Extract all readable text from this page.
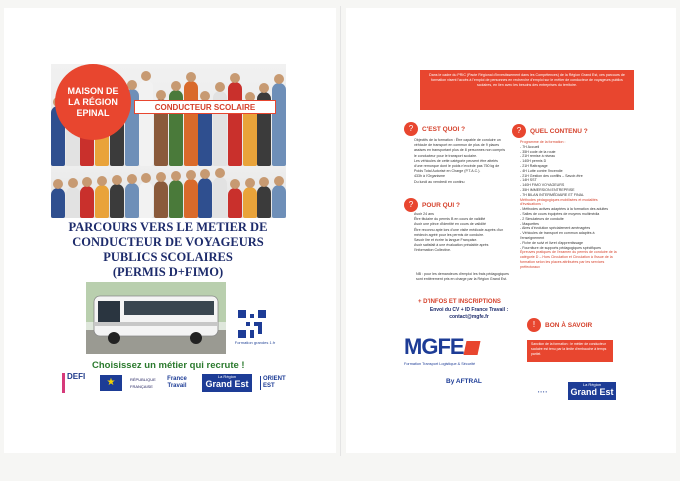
MAISON DE LA RÉGION EPINAL	CONDUCTEUR SCOLAIRE
PARCOURS VERS LE METIER DE
CONDUCTEUR DE VOYAGEURS
PUBLICS SCOLAIRES
(PERMIS D+FIMO)
Formation grandes 1.fr
Choisissez un métier qui recrute !
DEFI
★	RÉPUBLIQUE FRANÇAISE
France Travail
La Région
Grand Est	ORIENT EST
Dans le cadre du PRIC (Pacte Régional d'Investissement dans les Compétences) de la Région Grand Est, ces parcours de formation visent l'accès à l'emploi de personnes en recherche d'emploi sur le métier de conducteur de voyageurs publics scolaires, en lien avec les besoins des entreprises du territoire.
?	C'EST QUOI ?

Objectifs de la formation : Être capable de conduire un véhicule de transport en commun de plus de 9 places assises en transportant plus de 8 personnes non compris le conducteur pour le transport scolaire.

Les véhicules de cette catégorie peuvent être attelés d'une remorque dont le poids n'excède pas 750 kg de Poids Total Autorisé en Charge (P.T.A.C.).

433h à l'Organisme

Du lundi au vendredi en continu

?	POUR QUI ?

Avoir 24 ans

Être titulaire du permis B en cours de validité

Avoir une pièce d'identité en cours de validité

Être reconnu apte lors d'une visite médicale auprès d'un médecin agréé pour les permis de conduire.

Savoir lire et écrire la langue Française.

Avoir satisfait à une évaluation préalable après l'Information Collective.

NB : pour les demandeurs d'emploi les frais pédagogiques sont entièrement pris en charge par la Région Grand Est.
?	QUEL CONTENU ?

Programme de la formation :

- 7H Accueil

- 35H code de la route

- 21H remise à niveau

- 140H permis D

- 21H Rattrapage

- 4H Lutte contre l'incendie

- 21H Gestion des conflits – Savoir-être

- 14H SST

- 140H FIMO VOYAGEURS

- 35H IMMERSION ENTREPRISE

- 7H BILAN INTERMÉDIAIRE ET FINAL

Méthodes pédagogiques mobilisées et modalités d'évaluations :

- Méthodes actives adaptées à la formation des adultes

- Salles de cours équipées de moyens multimédia

- 2 Simulateurs de conduite

- Maquettes

- Aires d'évolution spécialement aménagées

- Véhicules de transport en commun adaptés à l'enseignement

- Fiche de suivi et livret d'apprentissage

- Fourniture de supports pédagogiques spécifiques

Épreuves pratiques de l'examen du permis de conduire de la catégorie D – Hors Circulation et Circulation à l'issue de la formation selon les places attribuées par les services préfectoraux

+ D'INFOS ET INSCRIPTIONS
Envoi du CV + ID France Travail :
contact@mgfe.fr
MGFE
Formation Transport Logistique & Sécurité
By AFTRAL
!	BON À SAVOIR
Sanction de la formation : le métier de conducteur scolaire est tenu par la limite d'embauche à temps partiel.
▪ ▪ ▪ ▪
La Région
Grand Est
